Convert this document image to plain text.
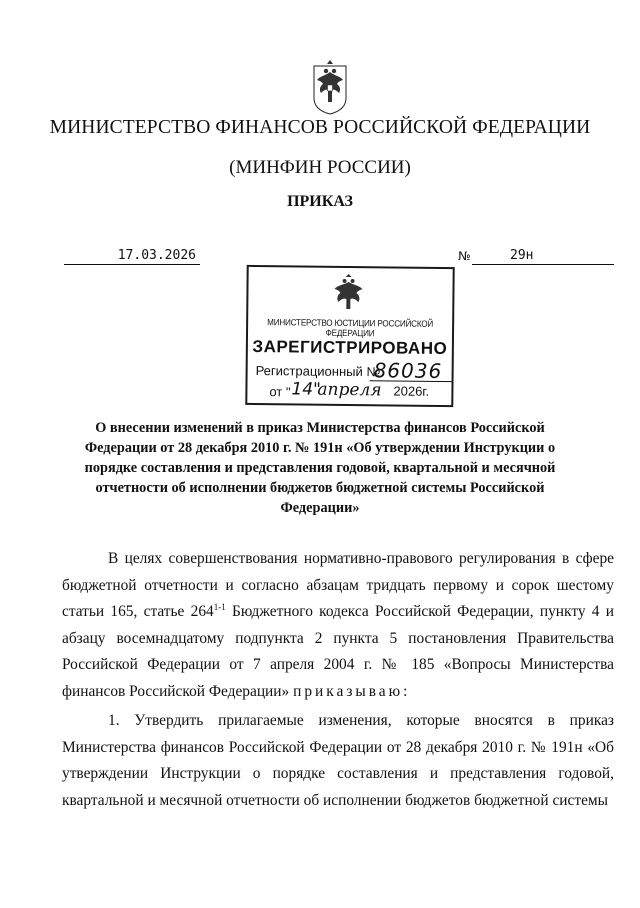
МИНИСТЕРСТВО ФИНАНСОВ РОССИЙСКОЙ ФЕДЕРАЦИИ
(МИНФИН РОССИИ)
ПРИКАЗ
17.03.2026	№	29н
МИНИСТЕРСТВО ЮСТИЦИИ РОССИЙСКОЙ ФЕДЕРАЦИИ
ЗАРЕГИСТРИРОВАНО
Регистрационный №
86036
от " 14"
апреля 2026г.
О внесении изменений в приказ Министерства финансов Российской Федерации от 28 декабря 2010 г. № 191н «Об утверждении Инструкции о порядке составления и представления годовой, квартальной и месячной отчетности об исполнении бюджетов бюджетной системы Российской Федерации»

В целях совершенствования нормативно-правового регулирования в сфере бюджетной отчетности и согласно абзацам тридцать первому и сорок шестому статьи 165, статье 264$^{1-1}$ Бюджетного кодекса Российской Федерации, пункту 4 и абзацу восемнадцатому подпункта 2 пункта 5 постановления Правительства Российской Федерации от 7 апреля 2004 г. № 185 «Вопросы Министерства финансов Российской Федерации» приказываю:

1. Утвердить прилагаемые изменения, которые вносятся в приказ Министерства финансов Российской Федерации от 28 декабря 2010 г. № 191н «Об утверждении Инструкции о порядке составления и представления годовой, квартальной и месячной отчетности об исполнении бюджетов бюджетной системы
